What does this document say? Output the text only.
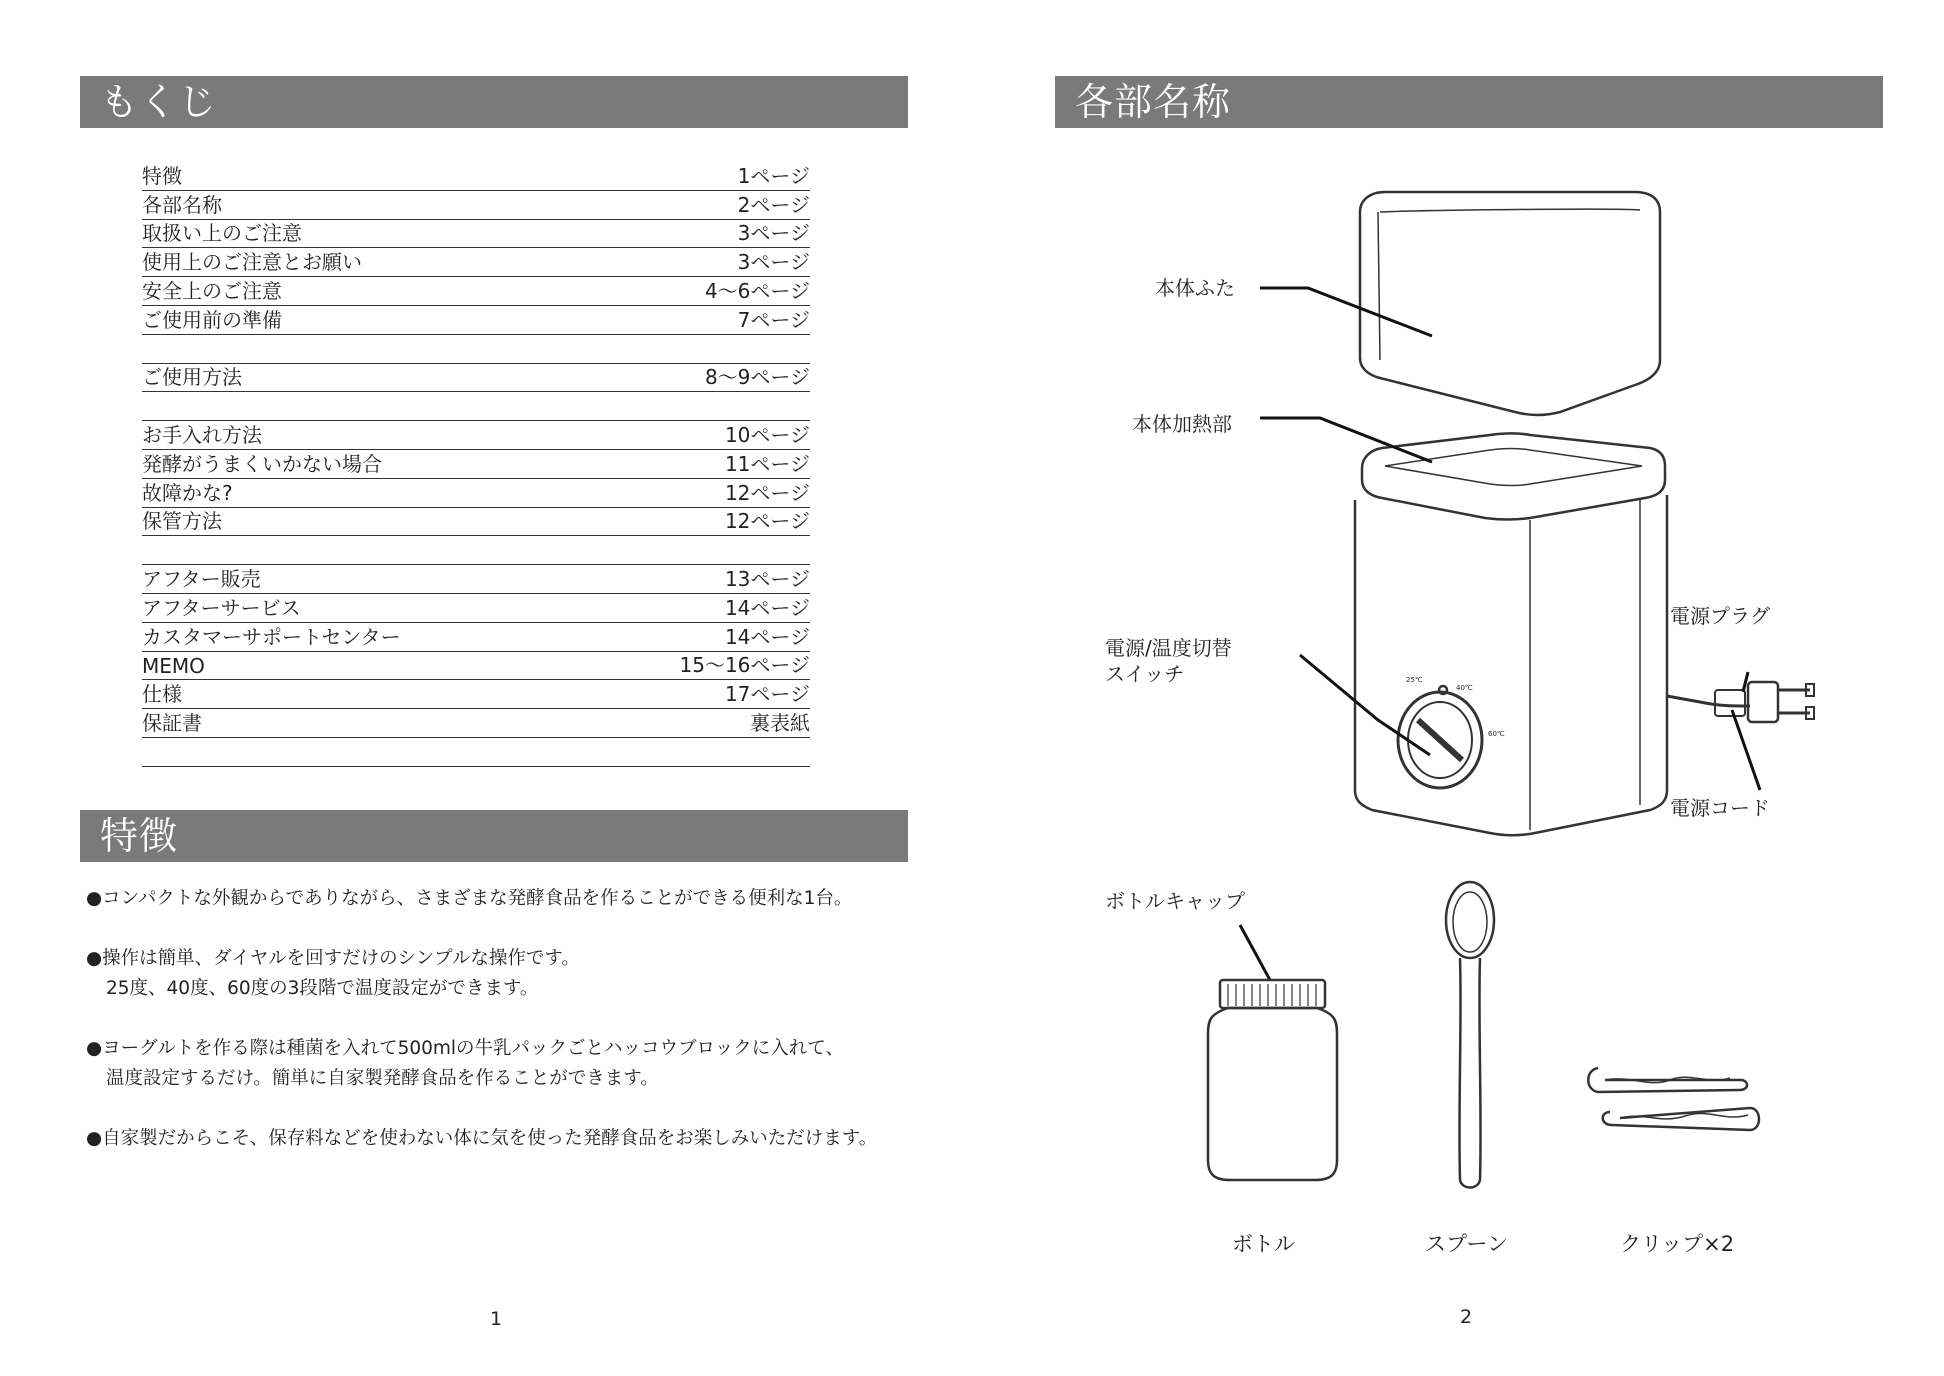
もくじ
特徴	1ページ
各部名称	2ページ
取扱い上のご注意	3ページ
使用上のご注意とお願い	3ページ
安全上のご注意	4〜6ページ
ご使用前の準備	7ページ
ご使用方法	8〜9ページ
お手入れ方法	10ページ
発酵がうまくいかない場合	11ページ
故障かな?	12ページ
保管方法	12ページ
アフター販売	13ページ
アフターサービス	14ページ
カスタマーサポートセンター	14ページ
MEMO	15〜16ページ
仕様	17ページ
保証書	裏表紙
特徴
●コンパクトな外観からでありながら、さまざまな発酵食品を作ることができる便利な1台。
●操作は簡単、ダイヤルを回すだけのシンプルな操作です。
25度、40度、60度の3段階で温度設定ができます。
●ヨーグルトを作る際は種菌を入れて500mlの牛乳パックごとハッコウブロックに入れて、
温度設定するだけ。簡単に自家製発酵食品を作ることができます。
●自家製だからこそ、保存料などを使わない体に気を使った発酵食品をお楽しみいただけます。
1
各部名称
本体ふた
本体加熱部
電源プラグ
電源/温度切替
スイッチ
電源コード
ボトルキャップ
25℃
40℃
60℃
ボトル	スプーン	クリップ×2
2
